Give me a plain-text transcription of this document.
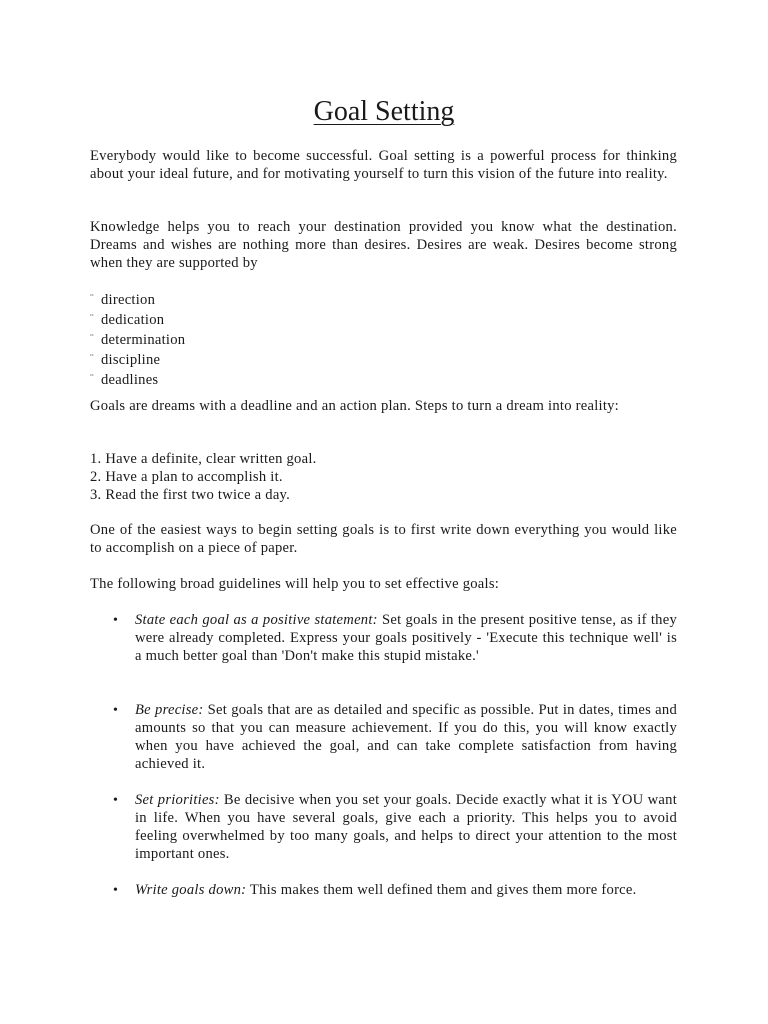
Goal Setting

Everybody would like to become successful. Goal setting is a powerful process for thinking about your ideal future, and for motivating yourself to turn this vision of the future into reality.

Knowledge helps you to reach your destination provided you know what the destination. Dreams and wishes are nothing more than desires. Desires are weak. Desires become strong when they are supported by

¨ direction
¨ dedication
¨ determination
¨ discipline
¨ deadlines

Goals are dreams with a deadline and an action plan. Steps to turn a dream into reality:

1. Have a definite, clear written goal.
2. Have a plan to accomplish it.
3. Read the first two twice a day.

One of the easiest ways to begin setting goals is to first write down everything you would like to accomplish on a piece of paper.

The following broad guidelines will help you to set effective goals:

• State each goal as a positive statement: Set goals in the present positive tense, as if they were already completed. Express your goals positively - 'Execute this technique well' is a much better goal than 'Don't make this stupid mistake.'
• Be precise: Set goals that are as detailed and specific as possible. Put in dates, times and amounts so that you can measure achievement. If you do this, you will know exactly when you have achieved the goal, and can take complete satisfaction from having achieved it.
• Set priorities: Be decisive when you set your goals. Decide exactly what it is YOU want in life. When you have several goals, give each a priority. This helps you to avoid feeling overwhelmed by too many goals, and helps to direct your attention to the most important ones.
• Write goals down: This makes them well defined them and gives them more force.
